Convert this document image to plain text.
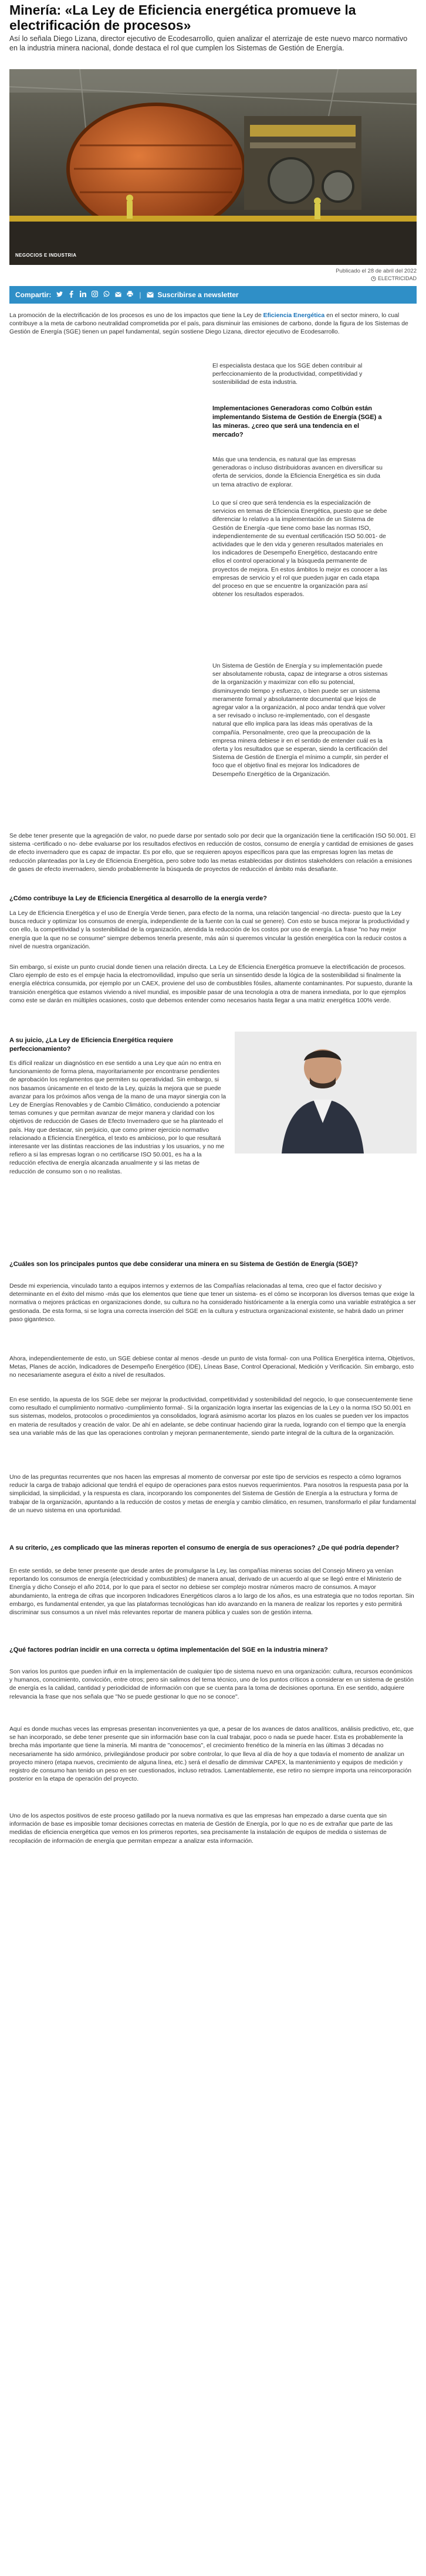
Minería: «La Ley de Eficiencia energética promueve la electrificación de procesos»

Así lo señala Diego Lizana, director ejecutivo de Ecodesarrollo, quien analizar el aterrizaje de este nuevo marco normativo en la industria minera nacional, donde destaca el rol que cumplen los Sistemas de Gestión de Energía.

NEGOCIOS E INDUSTRIA
Publicado el 28 de abril del 2022
ELECTRICIDAD
Compartir:	| Suscribirse a newsletter

La promoción de la electrificación de los procesos es uno de los impactos que tiene la Ley de Eficiencia Energética en el sector minero, lo cual contribuye a la meta de carbono neutralidad comprometida por el país, para disminuir las emisiones de carbono, donde la figura de los Sistemas de Gestión de Energía (SGE) tienen un papel fundamental, según sostiene Diego Lizana, director ejecutivo de Ecodesarrollo.

El especialista destaca que los SGE deben contribuir al perfeccionamiento de la productividad, competitividad y sostenibilidad de esta industria.

Implementaciones Generadoras como Colbún están implementando Sistema de Gestión de Energía (SGE) a las mineras. ¿creo que será una tendencia en el mercado?

Más que una tendencia, es natural que las empresas generadoras o incluso distribuidoras avancen en diversificar su oferta de servicios, donde la Eficiencia Energética es sin duda un tema atractivo de explorar.

Lo que sí creo que será tendencia es la especialización de servicios en temas de Eficiencia Energética, puesto que se debe diferenciar lo relativo a la implementación de un Sistema de Gestión de Energía -que tiene como base las normas ISO, independientemente de su eventual certificación ISO 50.001- de actividades que le den vida y generen resultados materiales en los indicadores de Desempeño Energético, destacando entre ellos el control operacional y la búsqueda permanente de proyectos de mejora. En estos ámbitos lo mejor es conocer a las empresas de servicio y el rol que pueden jugar en cada etapa del proceso en que se encuentre la organización para así obtener los resultados esperados.

Un Sistema de Gestión de Energía y su implementación puede ser absolutamente robusta, capaz de integrarse a otros sistemas de la organización y maximizar con ello su potencial, disminuyendo tiempo y esfuerzo, o bien puede ser un sistema meramente formal y absolutamente documental que lejos de agregar valor a la organización, al poco andar tendrá que volver a ser revisado o incluso re-implementado, con el desgaste natural que ello implica para las ideas más operativas de la compañía. Personalmente, creo que la preocupación de la empresa minera debiese ir en el sentido de entender cuál es la oferta y los resultados que se esperan, siendo la certificación del Sistema de Gestión de Energía el mínimo a cumplir, sin perder el foco que el objetivo final es mejorar los Indicadores de Desempeño Energético de la Organización.

Se debe tener presente que la agregación de valor, no puede darse por sentado solo por decir que la organización tiene la certificación ISO 50.001. El sistema -certificado o no- debe evaluarse por los resultados efectivos en reducción de costos, consumo de energía y cantidad de emisiones de gases de efecto invernadero que es capaz de impactar. Es por ello, que se requieren apoyos específicos para que las empresas logren las metas de reducción planteadas por la Ley de Eficiencia Energética, pero sobre todo las metas establecidas por distintos stakeholders con relación a emisiones de gases de efecto invernadero, siendo probablemente la búsqueda de proyectos de reducción el ámbito más desafiante.

¿Cómo contribuye la Ley de Eficiencia Energética al desarrollo de la energía verde?

La Ley de Eficiencia Energética y el uso de Energía Verde tienen, para efecto de la norma, una relación tangencial -no directa- puesto que la Ley busca reducir y optimizar los consumos de energía, independiente de la fuente con la cual se genere). Con esto se busca mejorar la productividad y con ello, la competitividad y la sostenibilidad de la organización, atendida la reducción de los costos por uso de energía. La frase "no hay mejor energía que la que no se consume" siempre debemos tenerla presente, más aún si queremos vincular la gestión energética con la reducir costos a nivel de nuestra organización.

Sin embargo, sí existe un punto crucial donde tienen una relación directa. La Ley de Eficiencia Energética promueve la electrificación de procesos. Claro ejemplo de esto es el empuje hacia la electromovilidad, impulso que sería un sinsentido desde la lógica de la sostenibilidad si finalmente la energía eléctrica consumida, por ejemplo por un CAEX, proviene del uso de combustibles fósiles, altamente contaminantes. Por supuesto, durante la transición energética que estamos viviendo a nivel mundial, es imposible pasar de una tecnología a otra de manera inmediata, por lo que ejemplos como este se darán en múltiples ocasiones, costo que debemos entender como necesarios hasta llegar a una matriz energética 100% verde.

A su juicio, ¿La Ley de Eficiencia Energética requiere perfeccionamiento?

Es difícil realizar un diagnóstico en ese sentido a una Ley que aún no entra en funcionamiento de forma plena, mayoritariamente por encontrarse pendientes de aprobación los reglamentos que permiten su operatividad. Sin embargo, si nos basamos únicamente en el texto de la Ley, quizás la mejora que se puede avanzar para los próximos años venga de la mano de una mayor sinergia con la Ley de Energías Renovables y de Cambio Climático, conduciendo a potenciar temas comunes y que permitan avanzar de mejor manera y claridad con los objetivos de reducción de Gases de Efecto Invernadero que se ha planteado el país. Hay que destacar, sin perjuicio, que como primer ejercicio normativo relacionado a Eficiencia Energética, el texto es ambicioso, por lo que resultará interesante ver las distintas reacciones de las industrias y los usuarios, y no me refiero a si las empresas logran o no certificarse ISO 50.001, es ha a la reducción efectiva de energía alcanzada anualmente y si las metas de reducción de consumo son o no realistas.

¿Cuáles son los principales puntos que debe considerar una minera en su Sistema de Gestión de Energía (SGE)?

Desde mi experiencia, vinculado tanto a equipos internos y externos de las Compañías relacionadas al tema, creo que el factor decisivo y determinante en el éxito del mismo -más que los elementos que tiene que tener un sistema- es el cómo se incorporan los diversos temas que exige la normativa o mejores prácticas en organizaciones donde, su cultura no ha considerado históricamente a la energía como una variable estratégica a ser gestionada. De esta forma, si se logra una correcta inserción del SGE en la cultura y estructura organizacional existente, se habrá dado un primer paso gigantesco.

Ahora, independientemente de esto, un SGE debiese contar al menos -desde un punto de vista formal- con una Política Energética interna, Objetivos, Metas, Planes de acción, Indicadores de Desempeño Energético (IDE), Líneas Base, Control Operacional, Medición y Verificación. Sin embargo, esto no necesariamente asegura el éxito a nivel de resultados.

En ese sentido, la apuesta de los SGE debe ser mejorar la productividad, competitividad y sostenibilidad del negocio, lo que consecuentemente tiene como resultado el cumplimiento normativo -cumplimiento formal-. Si la organización logra insertar las exigencias de la Ley o la norma ISO 50.001 en sus sistemas, modelos, protocolos o procedimientos ya consolidados, logrará asimismo acortar los plazos en los cuales se pueden ver los impactos en materia de resultados y creación de valor. De ahí en adelante, se debe continuar haciendo girar la rueda, logrando con el tiempo que la energía sea una variable más de las que las operaciones controlan y mejoran permanentemente, siendo parte integral de la cultura de la organización.

Uno de las preguntas recurrentes que nos hacen las empresas al momento de conversar por este tipo de servicios es respecto a cómo lograrnos reducir la carga de trabajo adicional que tendrá el equipo de operaciones para estos nuevos requerimientos. Para nosotros la respuesta pasa por la simplicidad, la simplicidad, y la respuesta es clara, incorporando los componentes del Sistema de Gestión de Energía a la estructura y forma de trabajar de la organización, apuntando a la reducción de costos y metas de energía y cambio climático, en resumen, transformarlo el pilar fundamental de un nuevo sistema en una oportunidad.

A su criterio, ¿es complicado que las mineras reporten el consumo de energía de sus operaciones? ¿De qué podría depender?

En este sentido, se debe tener presente que desde antes de promulgarse la Ley, las compañías mineras socias del Consejo Minero ya venían reportando los consumos de energía (electricidad y combustibles) de manera anual, derivado de un acuerdo al que se llegó entre el Ministerio de Energía y dicho Consejo el año 2014, por lo que para el sector no debiese ser complejo mostrar números macro de consumos. A mayor abundamiento, la entrega de cifras que incorporen Indicadores Energéticos claros a lo largo de los años, es una estrategia que no todos reportan. Sin embargo, es fundamental entender, ya que las plataformas tecnológicas han ido avanzando en la manera de realizar los reportes y esto permitirá discriminar sus consumos a un nivel más relevantes reportar de manera pública y cuales son de gestión interna.

¿Qué factores podrían incidir en una correcta u óptima implementación del SGE en la industria minera?

Son varios los puntos que pueden influir en la implementación de cualquier tipo de sistema nuevo en una organización: cultura, recursos económicos y humanos, conocimiento, convicción, entre otros; pero sin salimos del tema técnico, uno de los puntos críticos a considerar en un sistema de gestión de energía es la calidad, cantidad y periodicidad de información con que se cuenta para la toma de decisiones oportuna. En ese sentido, adquiere relevancia la frase que nos señala que "No se puede gestionar lo que no se conoce".

Aquí es donde muchas veces las empresas presentan inconvenientes ya que, a pesar de los avances de datos analíticos, análisis predictivo, etc, que se han incorporado, se debe tener presente que sin información base con la cual trabajar, poco o nada se puede hacer. Esta es probablemente la brecha más importante que tiene la minería. Mi mantra de "conocemos", el crecimiento frenético de la minería en las últimas 3 décadas no necesariamente ha sido armónico, privilegiándose producir por sobre controlar, lo que lleva al día de hoy a que todavía el momento de analizar un proyecto minero (etapa nuevos, crecimiento de alguna línea, etc.) será el desafío de dimmivar CAPEX, la mantenimiento y equipos de medición y registro de consumo han tenido un peso en ser cuestionados, incluso retrados. Lamentablemente, ese retiro no siempre importa una reincorporación posterior en la etapa de operación del proyecto.

Uno de los aspectos positivos de este proceso gatillado por la nueva normativa es que las empresas han empezado a darse cuenta que sin información de base es imposible tomar decisiones correctas en materia de Gestión de Energía, por lo que no es de extrañar que parte de las medidas de eficiencia energética que vemos en los primeros reportes, sea precisamente la instalación de equipos de medida o sistemas de recopilación de información de energía que permitan empezar a analizar esta información.
